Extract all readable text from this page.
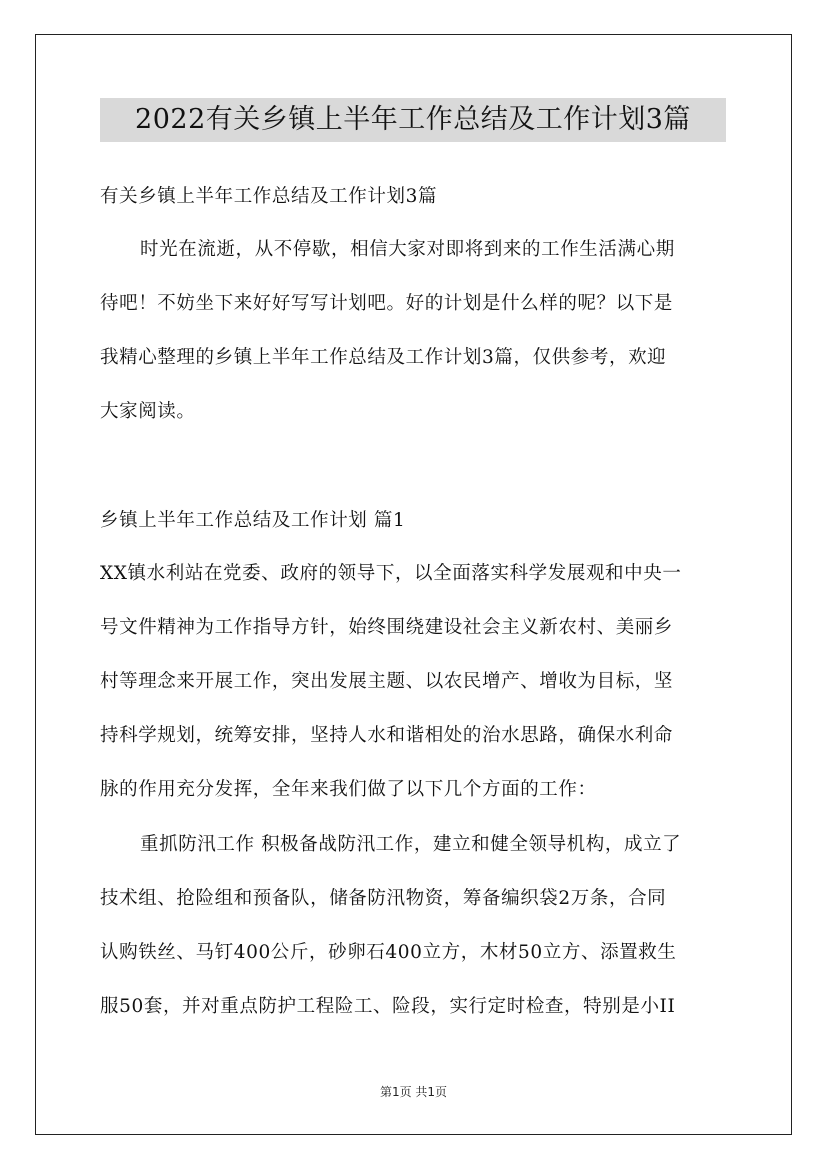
2022有关乡镇上半年工作总结及工作计划3篇
有关乡镇上半年工作总结及工作计划3篇
时光在流逝，从不停歇，相信大家对即将到来的工作生活满心期
待吧！不妨坐下来好好写写计划吧。好的计划是什么样的呢？以下是
我精心整理的乡镇上半年工作总结及工作计划3篇，仅供参考，欢迎
大家阅读。
乡镇上半年工作总结及工作计划 篇1
XX镇水利站在党委、政府的领导下，以全面落实科学发展观和中央一
号文件精神为工作指导方针，始终围绕建设社会主义新农村、美丽乡
村等理念来开展工作，突出发展主题、以农民增产、增收为目标，坚
持科学规划，统筹安排，坚持人水和谐相处的治水思路，确保水利命
脉的作用充分发挥，全年来我们做了以下几个方面的工作：
重抓防汛工作 积极备战防汛工作，建立和健全领导机构，成立了
技术组、抢险组和预备队，储备防汛物资，筹备编织袋2万条，合同
认购铁丝、马钉400公斤，砂卵石400立方，木材50立方、添置救生
服50套，并对重点防护工程险工、险段，实行定时检查，特别是小II
第1页 共1页
